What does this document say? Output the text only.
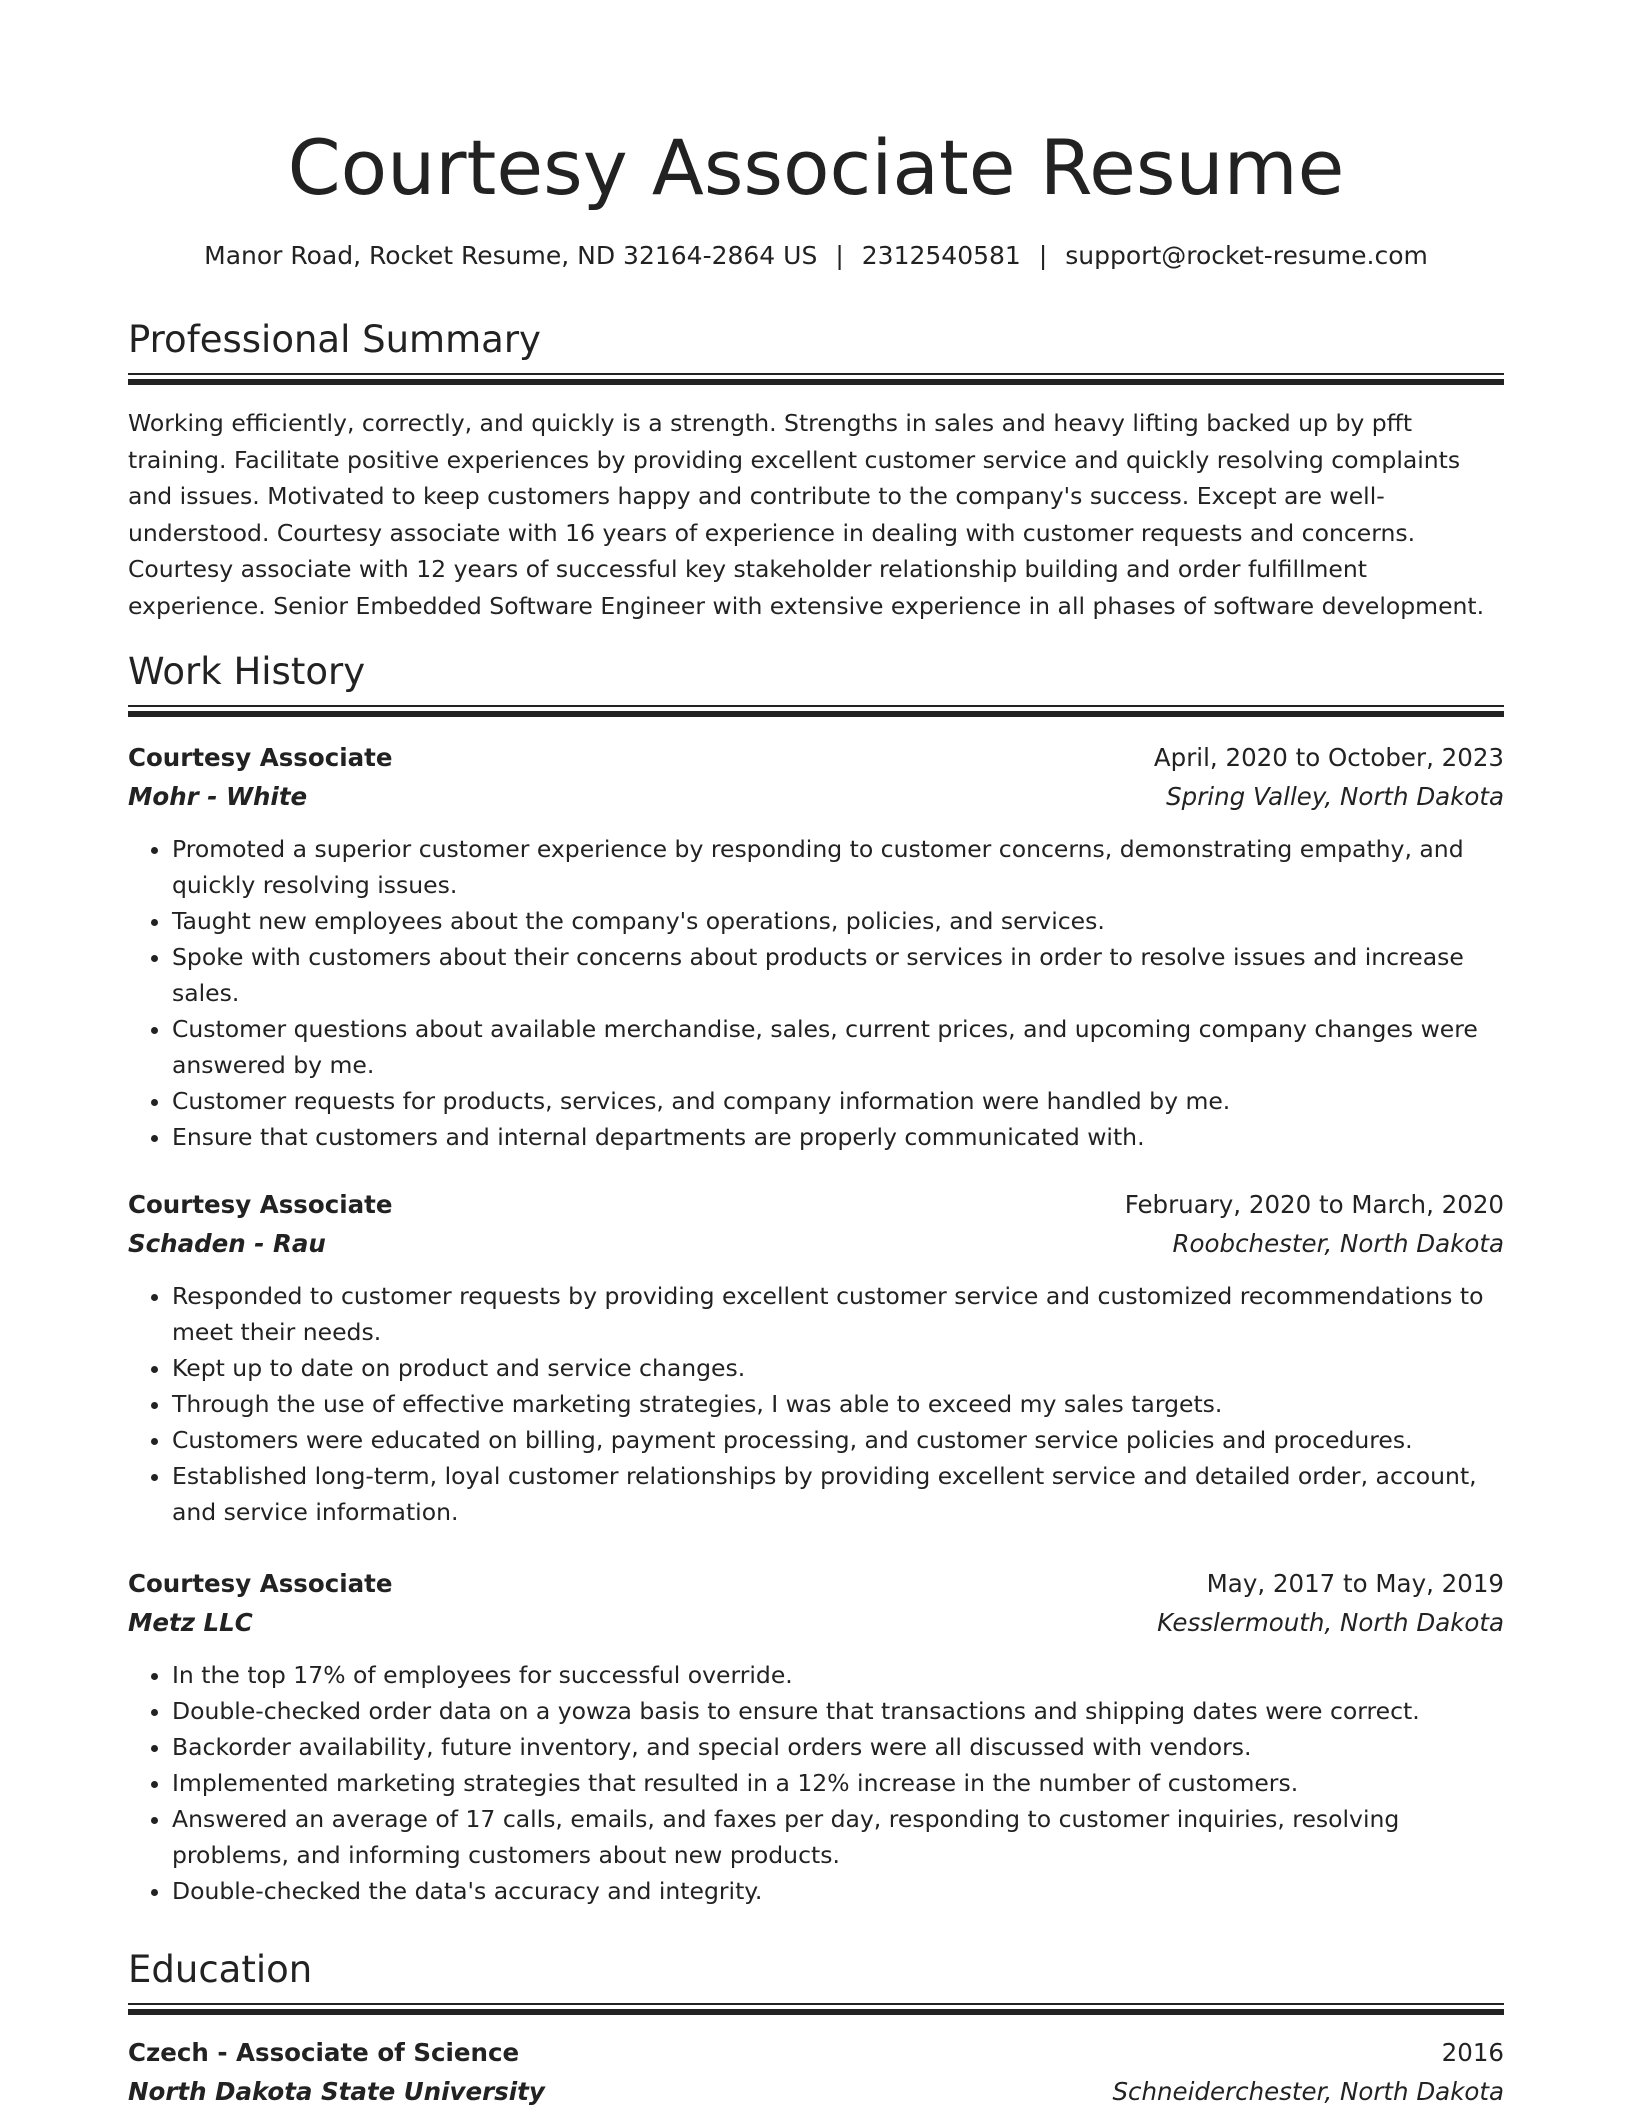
Courtesy Associate Resume
Manor Road, Rocket Resume, ND 32164-2864 US | 2312540581 | support@rocket-resume.com
Professional Summary

Working efficiently, correctly, and quickly is a strength. Strengths in sales and heavy lifting backed up by pfft training. Facilitate positive experiences by providing excellent customer service and quickly resolving complaints and issues. Motivated to keep customers happy and contribute to the company's success. Except are well-understood. Courtesy associate with 16 years of experience in dealing with customer requests and concerns. Courtesy associate with 12 years of successful key stakeholder relationship building and order fulfillment experience. Senior Embedded Software Engineer with extensive experience in all phases of software development.

Work History
Courtesy Associate	April, 2020 to October, 2023
Mohr - White	Spring Valley, North Dakota
• Promoted a superior customer experience by responding to customer concerns, demonstrating empathy, and quickly resolving issues.
• Taught new employees about the company's operations, policies, and services.
• Spoke with customers about their concerns about products or services in order to resolve issues and increase sales.
• Customer questions about available merchandise, sales, current prices, and upcoming company changes were answered by me.
• Customer requests for products, services, and company information were handled by me.
• Ensure that customers and internal departments are properly communicated with.
Courtesy Associate	February, 2020 to March, 2020
Schaden - Rau	Roobchester, North Dakota
• Responded to customer requests by providing excellent customer service and customized recommendations to meet their needs.
• Kept up to date on product and service changes.
• Through the use of effective marketing strategies, I was able to exceed my sales targets.
• Customers were educated on billing, payment processing, and customer service policies and procedures.
• Established long-term, loyal customer relationships by providing excellent service and detailed order, account, and service information.
Courtesy Associate	May, 2017 to May, 2019
Metz LLC	Kesslermouth, North Dakota
• In the top 17% of employees for successful override.
• Double-checked order data on a yowza basis to ensure that transactions and shipping dates were correct.
• Backorder availability, future inventory, and special orders were all discussed with vendors.
• Implemented marketing strategies that resulted in a 12% increase in the number of customers.
• Answered an average of 17 calls, emails, and faxes per day, responding to customer inquiries, resolving problems, and informing customers about new products.
• Double-checked the data's accuracy and integrity.
Education
Czech - Associate of Science	2016
North Dakota State University	Schneiderchester, North Dakota
